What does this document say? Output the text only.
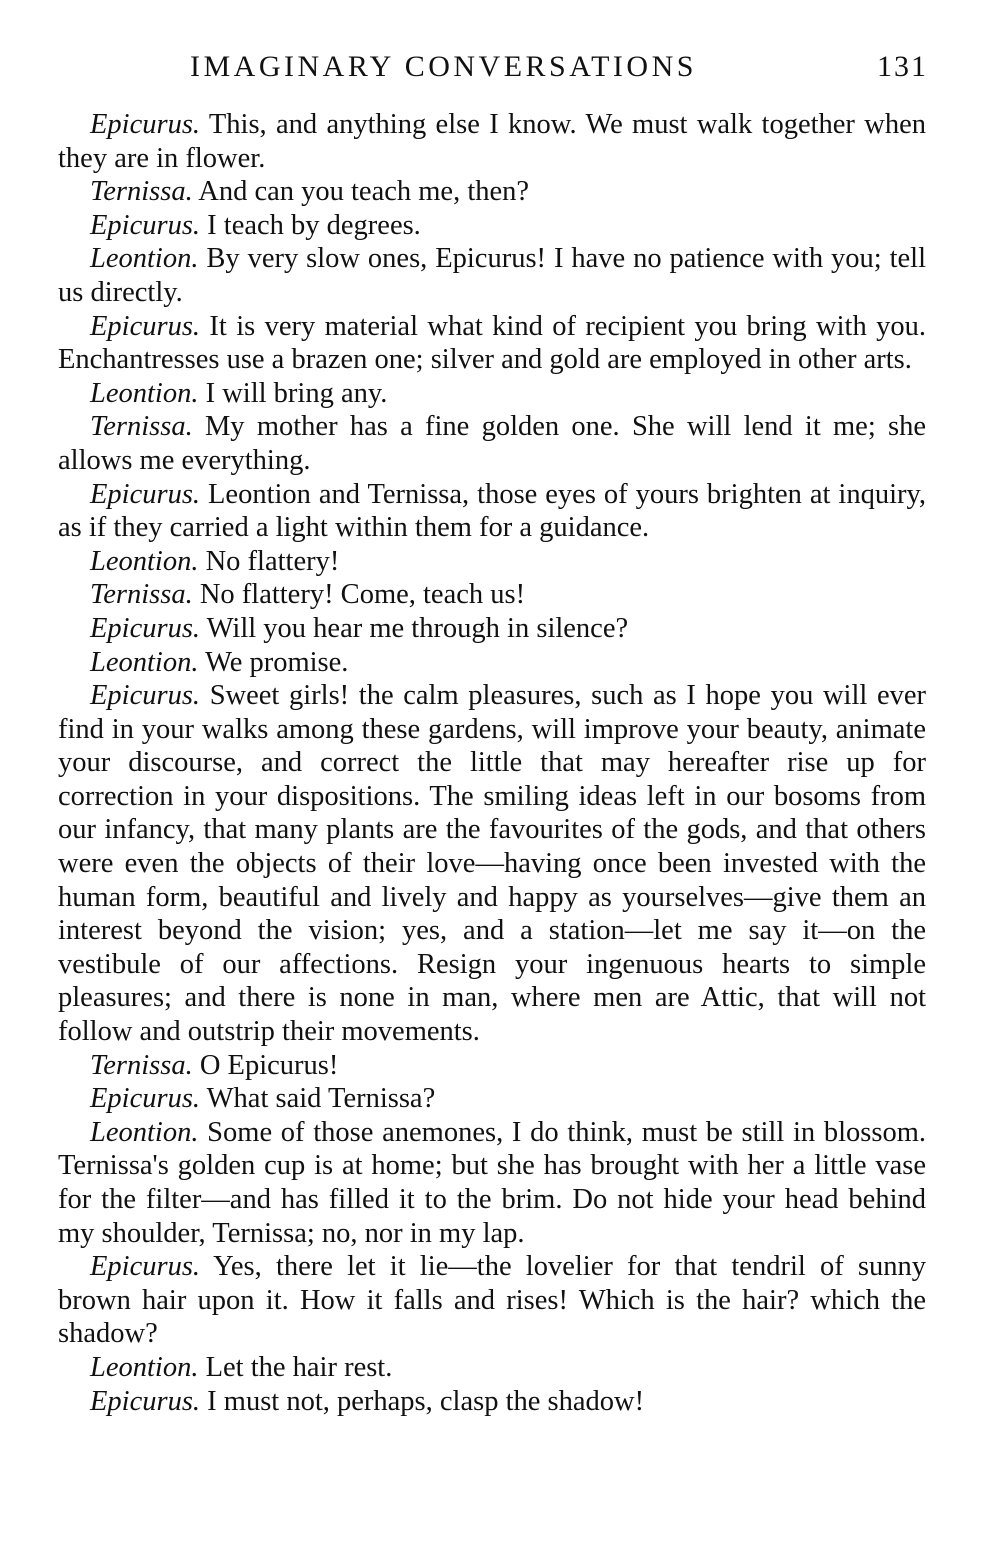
IMAGINARY CONVERSATIONS	131

Epicurus. This, and anything else I know. We must walk together when they are in flower.

Ternissa. And can you teach me, then?

Epicurus. I teach by degrees.

Leontion. By very slow ones, Epicurus! I have no patience with you; tell us directly.

Epicurus. It is very material what kind of recipient you bring with you. Enchantresses use a brazen one; silver and gold are employed in other arts.

Leontion. I will bring any.

Ternissa. My mother has a fine golden one. She will lend it me; she allows me everything.

Epicurus. Leontion and Ternissa, those eyes of yours brighten at inquiry, as if they carried a light within them for a guidance.

Leontion. No flattery!

Ternissa. No flattery! Come, teach us!

Epicurus. Will you hear me through in silence?

Leontion. We promise.

Epicurus. Sweet girls! the calm pleasures, such as I hope you will ever find in your walks among these gardens, will improve your beauty, animate your discourse, and correct the little that may hereafter rise up for correction in your dispositions. The smiling ideas left in our bosoms from our infancy, that many plants are the favourites of the gods, and that others were even the objects of their love—having once been invested with the human form, beautiful and lively and happy as yourselves—give them an interest beyond the vision; yes, and a station—let me say it—on the vestibule of our affections. Resign your ingenuous hearts to simple pleasures; and there is none in man, where men are Attic, that will not follow and outstrip their movements.

Ternissa. O Epicurus!

Epicurus. What said Ternissa?

Leontion. Some of those anemones, I do think, must be still in blossom. Ternissa's golden cup is at home; but she has brought with her a little vase for the filter—and has filled it to the brim. Do not hide your head behind my shoulder, Ternissa; no, nor in my lap.

Epicurus. Yes, there let it lie—the lovelier for that tendril of sunny brown hair upon it. How it falls and rises! Which is the hair? which the shadow?

Leontion. Let the hair rest.

Epicurus. I must not, perhaps, clasp the shadow!
